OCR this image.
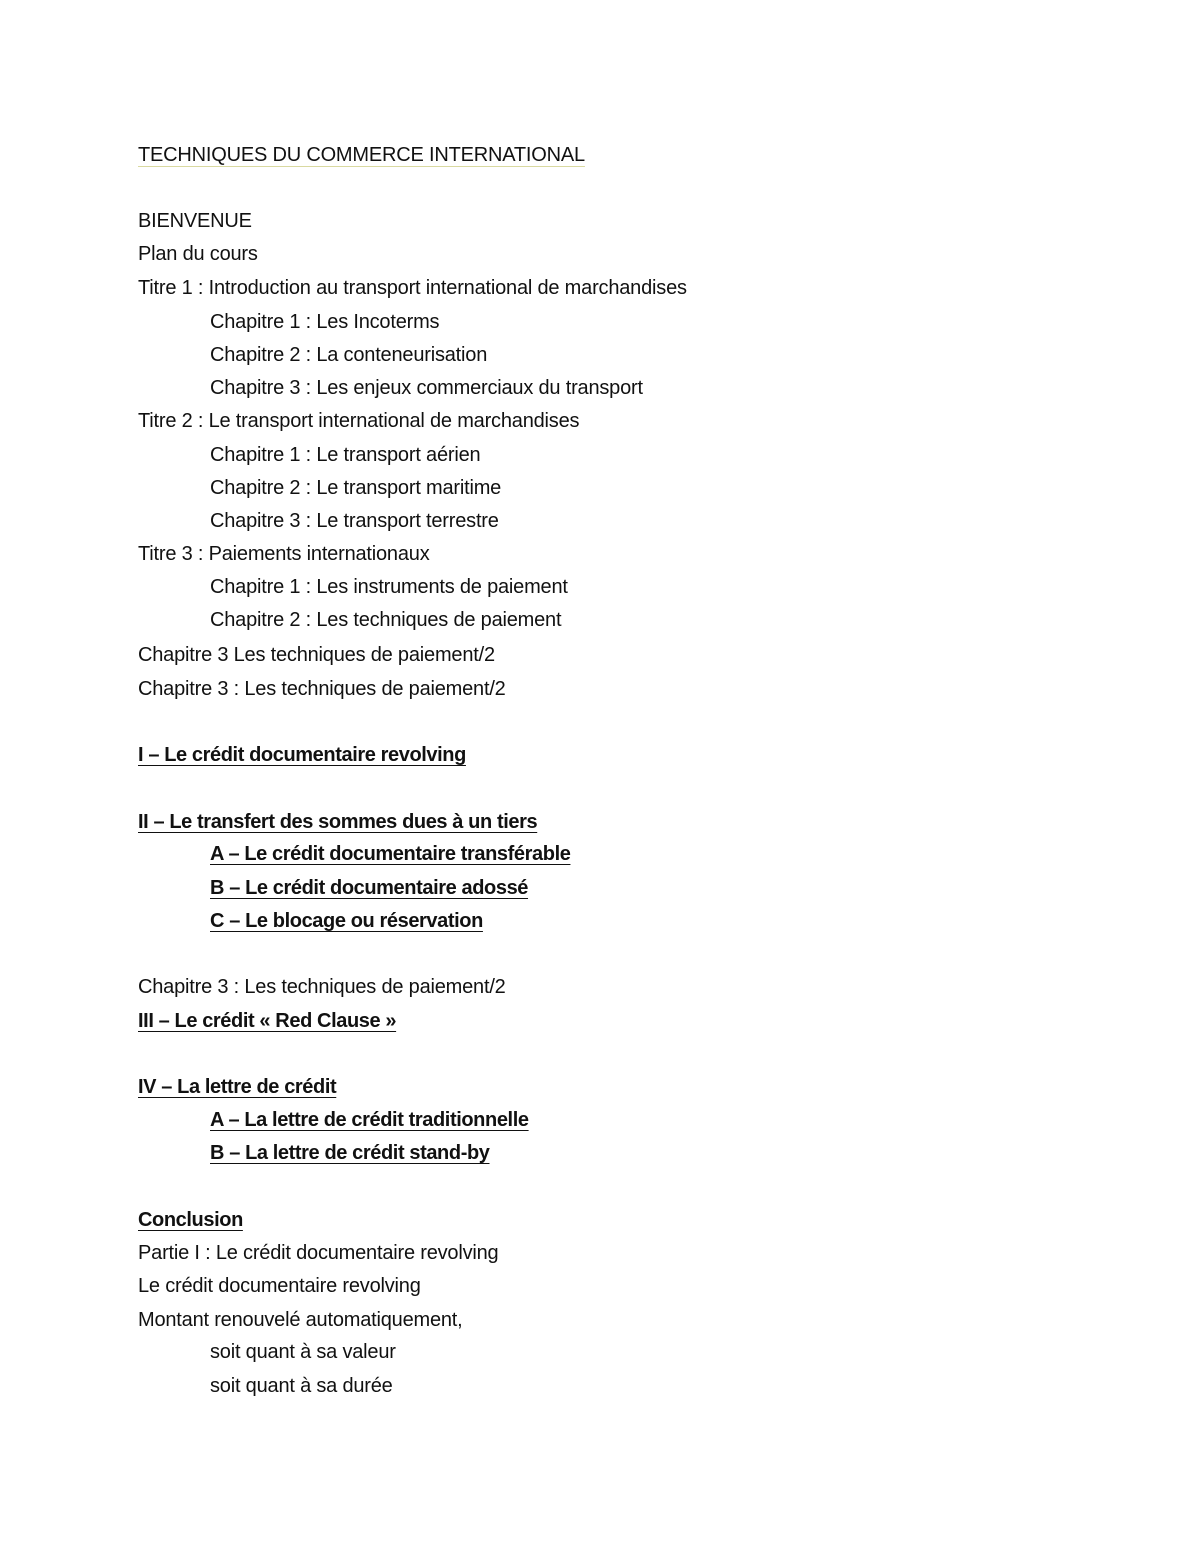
TECHNIQUES DU COMMERCE INTERNATIONAL
BIENVENUE
Plan du cours
Titre 1 : Introduction au transport international de marchandises
Chapitre 1 : Les Incoterms
Chapitre 2 : La conteneurisation
Chapitre 3 : Les enjeux commerciaux du transport
Titre 2 : Le transport international de marchandises
Chapitre 1 : Le transport aérien
Chapitre 2 : Le transport maritime
Chapitre 3 : Le transport terrestre
Titre 3 : Paiements internationaux
Chapitre 1 : Les instruments de paiement
Chapitre 2 : Les techniques de paiement
Chapitre 3 Les techniques de paiement/2
Chapitre 3 : Les techniques de paiement/2
I – Le crédit documentaire revolving
II – Le transfert des sommes dues à un tiers
A – Le crédit documentaire transférable
B – Le crédit documentaire adossé
C – Le blocage ou réservation
Chapitre 3 : Les techniques de paiement/2
III – Le crédit « Red Clause »
IV – La lettre de crédit
A – La lettre de crédit traditionnelle
B – La lettre de crédit stand-by
Conclusion
Partie I : Le crédit documentaire revolving
Le crédit documentaire revolving
Montant renouvelé automatiquement,
soit quant à sa valeur
soit quant à sa durée
